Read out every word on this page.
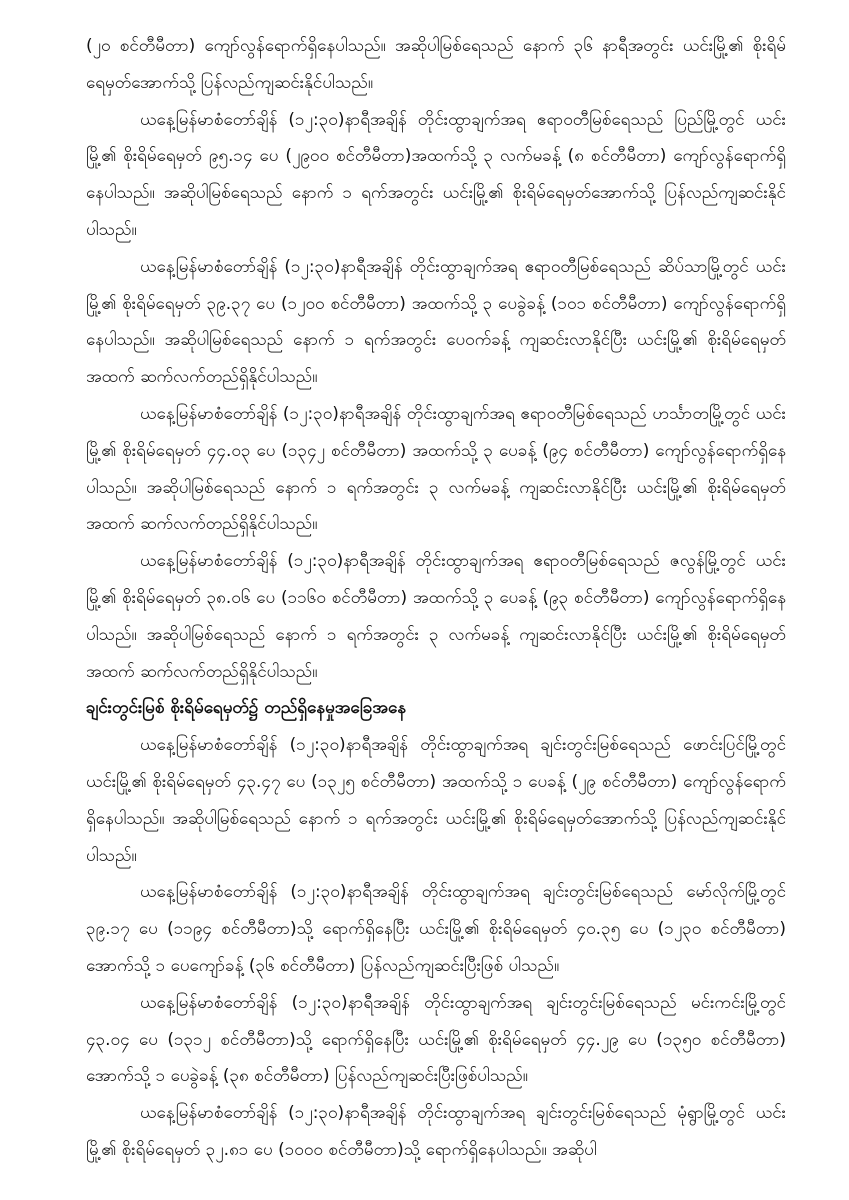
(၂၀ စင်တီမီတာ) ကျော်လွန်ရောက်ရှိနေပါသည်။ အဆိုပါမြစ်ရေသည် နောက် ၃၆ နာရီအတွင်း ယင်းမြို့၏ စိုးရိမ်ရေမှတ်အောက်သို့ ပြန်လည်ကျဆင်းနိုင်ပါသည်။

ယနေ့မြန်မာစံတော်ချိန် (၁၂:၃၀)နာရီအချိန် တိုင်းထွာချက်အရ ဧရာဝတီမြစ်ရေသည် ပြည်မြို့တွင် ယင်းမြို့၏ စိုးရိမ်ရေမှတ် ၉၅.၁၄ ပေ (၂၉၀၀ စင်တီမီတာ)အထက်သို့ ၃ လက်မခန့် (၈ စင်တီမီတာ) ကျော်လွန်ရောက်ရှိနေပါသည်။ အဆိုပါမြစ်ရေသည် နောက် ၁ ရက်အတွင်း ယင်းမြို့၏ စိုးရိမ်ရေမှတ်အောက်သို့ ပြန်လည်ကျဆင်းနိုင်ပါသည်။

ယနေ့မြန်မာစံတော်ချိန် (၁၂:၃၀)နာရီအချိန် တိုင်းထွာချက်အရ ဧရာဝတီမြစ်ရေသည် ဆိပ်သာမြို့တွင် ယင်းမြို့၏ စိုးရိမ်ရေမှတ် ၃၉.၃၇ ပေ (၁၂၀၀ စင်တီမီတာ) အထက်သို့ ၃ ပေခွဲခန့် (၁၀၁ စင်တီမီတာ) ကျော်လွန်ရောက်ရှိနေပါသည်။ အဆိုပါမြစ်ရေသည် နောက် ၁ ရက်အတွင်း ပေဝက်ခန့် ကျဆင်းလာနိုင်ပြီး ယင်းမြို့၏ စိုးရိမ်ရေမှတ်အထက် ဆက်လက်တည်ရှိနိုင်ပါသည်။

ယနေ့မြန်မာစံတော်ချိန် (၁၂:၃၀)နာရီအချိန် တိုင်းထွာချက်အရ ဧရာဝတီမြစ်ရေသည် ဟင်္သာတမြို့တွင် ယင်းမြို့၏ စိုးရိမ်ရေမှတ် ၄၄.၀၃ ပေ (၁၃၄၂ စင်တီမီတာ) အထက်သို့ ၃ ပေခန့် (၉၄ စင်တီမီတာ) ကျော်လွန်ရောက်ရှိနေပါသည်။ အဆိုပါမြစ်ရေသည် နောက် ၁ ရက်အတွင်း ၃ လက်မခန့် ကျဆင်းလာနိုင်ပြီး ယင်းမြို့၏ စိုးရိမ်ရေမှတ်အထက် ဆက်လက်တည်ရှိနိုင်ပါသည်။

ယနေ့မြန်မာစံတော်ချိန် (၁၂:၃၀)နာရီအချိန် တိုင်းထွာချက်အရ ဧရာဝတီမြစ်ရေသည် ဇလွန်မြို့တွင် ယင်းမြို့၏ စိုးရိမ်ရေမှတ် ၃၈.၀၆ ပေ (၁၁၆၀ စင်တီမီတာ) အထက်သို့ ၃ ပေခန့် (၉၃ စင်တီမီတာ) ကျော်လွန်ရောက်ရှိနေပါသည်။ အဆိုပါမြစ်ရေသည် နောက် ၁ ရက်အတွင်း ၃ လက်မခန့် ကျဆင်းလာနိုင်ပြီး ယင်းမြို့၏ စိုးရိမ်ရေမှတ်အထက် ဆက်လက်တည်ရှိနိုင်ပါသည်။

ချင်းတွင်းမြစ် စိုးရိမ်ရေမှတ်၌ တည်ရှိနေမှုအခြေအနေ

ယနေ့မြန်မာစံတော်ချိန် (၁၂:၃၀)နာရီအချိန် တိုင်းထွာချက်အရ ချင်းတွင်းမြစ်ရေသည် ဖောင်းပြင်မြို့တွင် ယင်းမြို့၏ စိုးရိမ်ရေမှတ် ၄၃.၄၇ ပေ (၁၃၂၅ စင်တီမီတာ) အထက်သို့ ၁ ပေခန့် (၂၉ စင်တီမီတာ) ကျော်လွန်ရောက်ရှိနေပါသည်။ အဆိုပါမြစ်ရေသည် နောက် ၁ ရက်အတွင်း ယင်းမြို့၏ စိုးရိမ်ရေမှတ်အောက်သို့ ပြန်လည်ကျဆင်းနိုင်ပါသည်။

ယနေ့မြန်မာစံတော်ချိန် (၁၂:၃၀)နာရီအချိန် တိုင်းထွာချက်အရ ချင်းတွင်းမြစ်ရေသည် မော်လိုက်မြို့တွင် ၃၉.၁၇ ပေ (၁၁၉၄ စင်တီမီတာ)သို့ ရောက်ရှိနေပြီး ယင်းမြို့၏ စိုးရိမ်ရေမှတ် ၄၀.၃၅ ပေ (၁၂၃၀ စင်တီမီတာ) အောက်သို့ ၁ ပေကျော်ခန့် (၃၆ စင်တီမီတာ) ပြန်လည်ကျဆင်းပြီးဖြစ် ပါသည်။

ယနေ့မြန်မာစံတော်ချိန် (၁၂:၃၀)နာရီအချိန် တိုင်းထွာချက်အရ ချင်းတွင်းမြစ်ရေသည် မင်းကင်းမြို့တွင် ၄၃.၀၄ ပေ (၁၃၁၂ စင်တီမီတာ)သို့ ရောက်ရှိနေပြီး ယင်းမြို့၏ စိုးရိမ်ရေမှတ် ၄၄.၂၉ ပေ (၁၃၅၀ စင်တီမီတာ) အောက်သို့ ၁ ပေခွဲခန့် (၃၈ စင်တီမီတာ) ပြန်လည်ကျဆင်းပြီးဖြစ်ပါသည်။

ယနေ့မြန်မာစံတော်ချိန် (၁၂:၃၀)နာရီအချိန် တိုင်းထွာချက်အရ ချင်းတွင်းမြစ်ရေသည် မုံရွာမြို့တွင် ယင်းမြို့၏ စိုးရိမ်ရေမှတ် ၃၂.၈၁ ပေ (၁၀၀၀ စင်တီမီတာ)သို့ ရောက်ရှိနေပါသည်။ အဆိုပါ
